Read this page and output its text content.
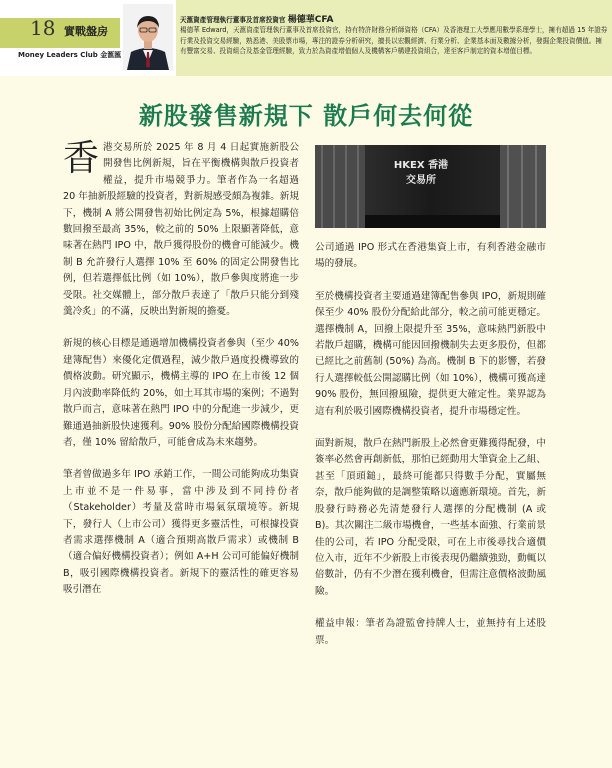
18 實戰盤房
Money Leaders Club 金滙匯
天滙資產管理執行董事及首席投資官 楊德華CFA
楊德華 Edward，天滙資產管理執行董事及首席投資官，持有特許財務分析師資格（CFA）及香港理工大學應用數學系理學士，擁有超過 15 年證券行業及投資交易經驗，熟悉港、美股票市場，專注的證券分析研究，擅長以宏觀經濟、行業分析、企業基本面及數據分析，發掘企業投資價值。擁有豐富交易、投資組合及基金管理經驗，致力於為資產增值個人及機構客戶構建投資組合，達至客戶制定的資本增值目標。
新股發售新規下 散戶何去何從

香港交易所於 2025 年 8 月 4 日起實施新股公開發售比例新規，旨在平衡機構與散戶投資者權益，提升市場競爭力。筆者作為一名超過 20 年抽新股經驗的投資者，對新規感受頗為複雜。新規下，機制 A 將公開發售初始比例定為 5%，根據超購倍數回撥至最高 35%，較之前的 50% 上限顯著降低，意味著在熱門 IPO 中，散戶獲得股份的機會可能減少。機制 B 允許發行人選擇 10% 至 60% 的固定公開發售比例，但若選擇低比例（如 10%），散戶參與度將進一步受限。社交媒體上，部分散戶表達了「散戶只能分到殘羹冷炙」的不滿，反映出對新規的擔憂。

新規的核心目標是通過增加機構投資者參與（至少 40% 建簿配售）來優化定價過程，減少散戶過度投機導致的價格波動。研究顯示，機構主導的 IPO 在上市後 12 個月內波動率降低約 20%，如土耳其市場的案例；不過對散戶而言，意味著在熱門 IPO 中的分配進一步減少，更難通過抽新股快速獲利。90% 股份分配給國際機構投資者，僅 10% 留給散戶，可能會成為未來趨勢。

筆者曾做過多年 IPO 承銷工作，一間公司能夠成功集資上市並不是一件易事，當中涉及到不同持份者（Stakeholder）考量及當時市場氣氛環境等。新規下，發行人（上市公司）獲得更多靈活性，可根據投資者需求選擇機制 A（適合預期高散戶需求）或機制 B（適合偏好機構投資者）；例如 A+H 公司可能偏好機制 B，吸引國際機構投資者。新規下的靈活性的確更容易吸引潛在

HKEX 香港交易所

公司通過 IPO 形式在香港集資上市，有利香港金融市場的發展。

至於機構投資者主要通過建簿配售參與 IPO，新規則確保至少 40% 股份分配給此部分，較之前可能更穩定。選擇機制 A，回撥上限提升至 35%，意味熱門新股中若散戶超購，機構可能因回撥機制失去更多股份，但都已經比之前舊制 (50%) 為高。機制 B 下的影響，若發行人選擇較低公開認購比例（如 10%），機構可獲高達 90% 股份，無回撥風險，提供更大確定性。業界認為這有利於吸引國際機構投資者，提升市場穩定性。

面對新規，散戶在熱門新股上必然會更難獲得配發，中簽率必然會再創新低，那怕已經動用大筆資金上乙組、甚至「頂頭鎚」，最終可能都只得數手分配，實屬無奈，散戶能夠做的是調整策略以適應新環境。首先，新股發行時務必先清楚發行人選擇的分配機制 (A 或 B)。其次關注二級市場機會，一些基本面強、行業前景佳的公司，若 IPO 分配受限，可在上市後尋找合適價位入市，近年不少新股上市後表現仍繼續強勁，動輒以倍數計，仍有不少潛在獲利機會，但需注意價格波動風險。

權益申報：筆者為證監會持牌人士，並無持有上述股票。
